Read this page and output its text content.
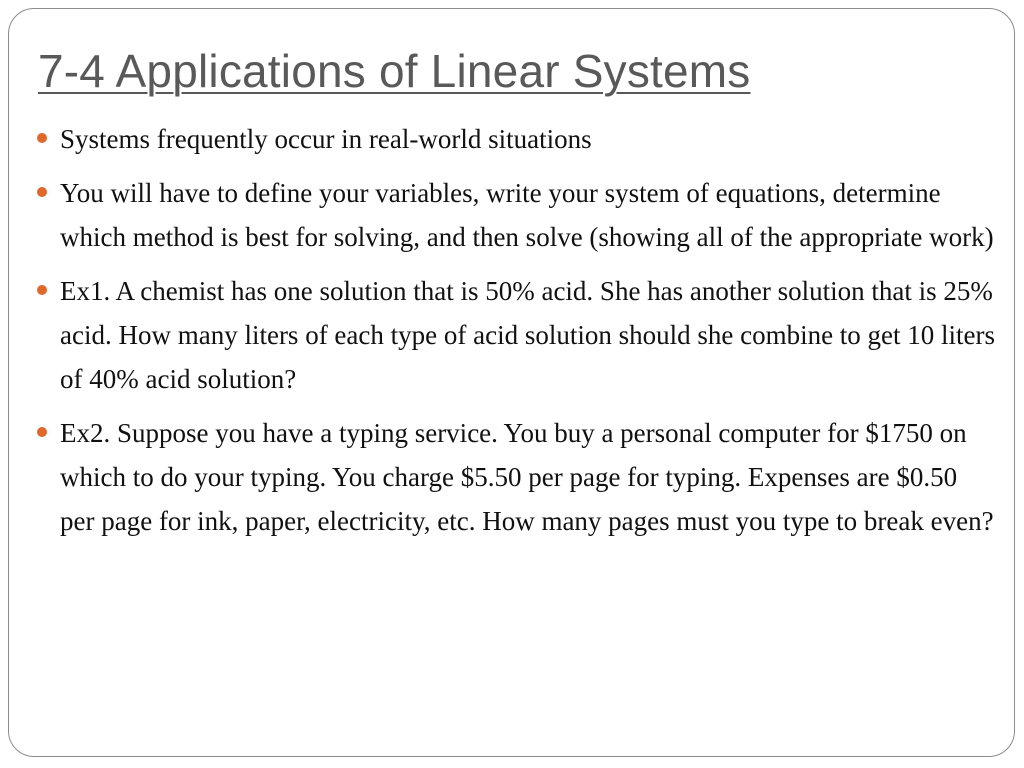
7-4 Applications of Linear Systems
Systems frequently occur in real-world situations
You will have to define your variables, write your system of equations, determine which method is best for solving, and then solve (showing all of the appropriate work)
Ex1. A chemist has one solution that is 50% acid. She has another solution that is 25% acid. How many liters of each type of acid solution should she combine to get 10 liters of 40% acid solution?
Ex2. Suppose you have a typing service. You buy a personal computer for $1750 on which to do your typing. You charge $5.50 per page for typing. Expenses are $0.50 per page for ink, paper, electricity, etc. How many pages must you type to break even?
